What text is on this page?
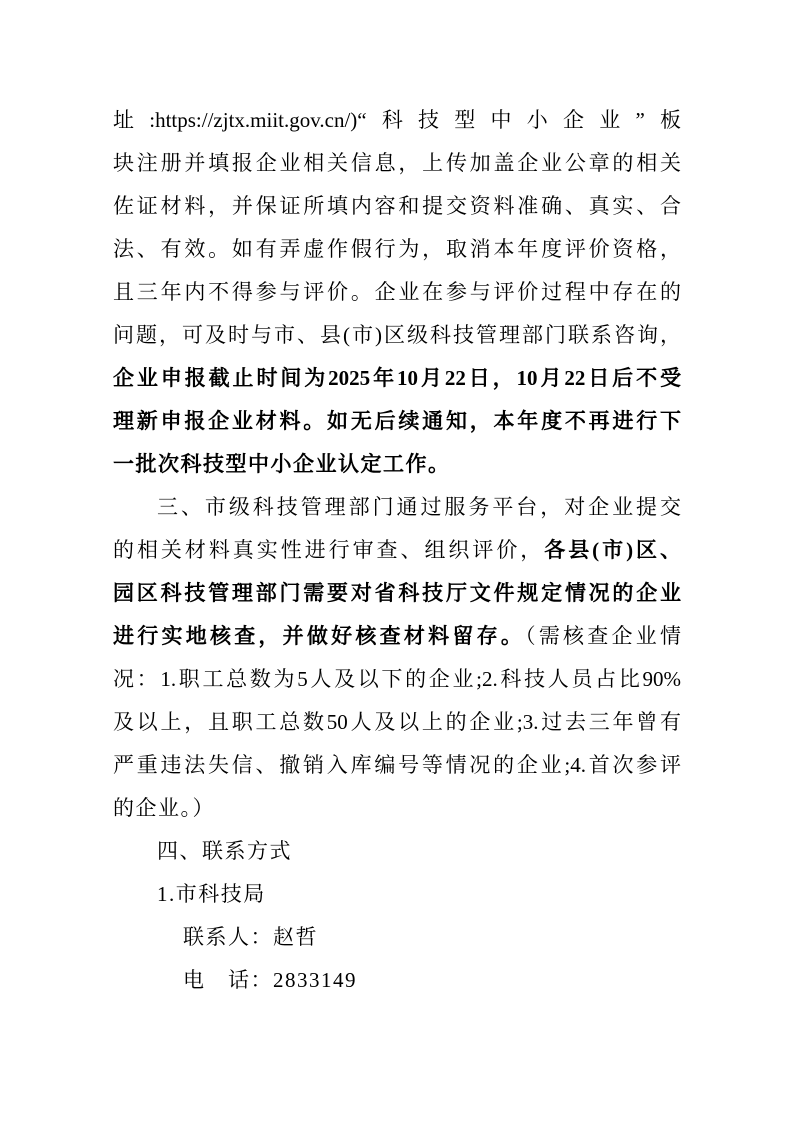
址:https://zjtx.miit.gov.cn/)“科技型中小企业”板
块注册并填报企业相关信息，上传加盖企业公章的相关
佐证材料，并保证所填内容和提交资料准确、真实、合
法、有效。如有弄虚作假行为，取消本年度评价资格，
且三年内不得参与评价。企业在参与评价过程中存在的
问题，可及时与市、县(市)区级科技管理部门联系咨询，
企业申报截止时间为2025年10月22日，10月22日后不受
理新申报企业材料。如无后续通知，本年度不再进行下
一批次科技型中小企业认定工作。
三、市级科技管理部门通过服务平台，对企业提交
的相关材料真实性进行审查、组织评价，各县(市)区、
园区科技管理部门需要对省科技厅文件规定情况的企业
进行实地核查，并做好核查材料留存。（需核查企业情
况：1.职工总数为5人及以下的企业;2.科技人员占比90%
及以上，且职工总数50人及以上的企业;3.过去三年曾有
严重违法失信、撤销入库编号等情况的企业;4.首次参评
的企业。）
四、联系方式
1.市科技局
联系人：赵哲
电　话：2833149
